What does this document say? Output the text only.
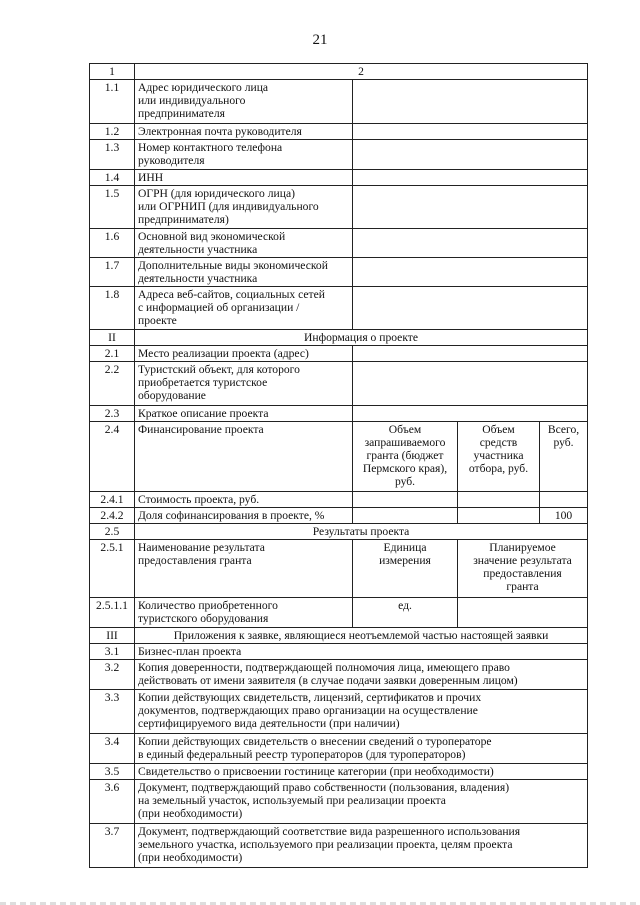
21
1	2			
1.1	Адрес юридического лица
или индивидуального
предпринимателя			
1.2	Электронная почта руководителя			
1.3	Номер контактного телефона
руководителя			
1.4	ИНН			
1.5	ОГРН (для юридического лица)
или ОГРНИП (для индивидуального
предпринимателя)			
1.6	Основной вид экономической
деятельности участника			
1.7	Дополнительные виды экономической
деятельности участника			
1.8	Адреса веб-сайтов, социальных сетей
с информацией об организации /
проекте			
II	Информация о проекте			
2.1	Место реализации проекта (адрес)			
2.2	Туристский объект, для которого
приобретается туристское
оборудование			
2.3	Краткое описание проекта			
2.4	Финансирование проекта	Объем
запрашиваемого
гранта (бюджет
Пермского края),
руб.	Объем
средств
участника
отбора, руб.	Всего,
руб.
2.4.1	Стоимость проекта, руб.			
2.4.2	Доля софинансирования в проекте, %			100
2.5	Результаты проекта			
2.5.1	Наименование результата
предоставления гранта	Единица
измерения	Планируемое
значение результата
предоставления
гранта	
2.5.1.1	Количество приобретенного
туристского оборудования	ед.		
III	Приложения к заявке, являющиеся неотъемлемой частью настоящей заявки			
3.1	Бизнес-план проекта			
3.2	Копия доверенности, подтверждающей полномочия лица, имеющего право
действовать от имени заявителя (в случае подачи заявки доверенным лицом)			
3.3	Копии действующих свидетельств, лицензий, сертификатов и прочих
документов, подтверждающих право организации на осуществление
сертифицируемого вида деятельности (при наличии)			
3.4	Копии действующих свидетельств о внесении сведений о туроператоре
в единый федеральный реестр туроператоров (для туроператоров)			
3.5	Свидетельство о присвоении гостинице категории (при необходимости)			
3.6	Документ, подтверждающий право собственности (пользования, владения)
на земельный участок, используемый при реализации проекта
(при необходимости)			
3.7	Документ, подтверждающий соответствие вида разрешенного использования
земельного участка, используемого при реализации проекта, целям проекта
(при необходимости)			
